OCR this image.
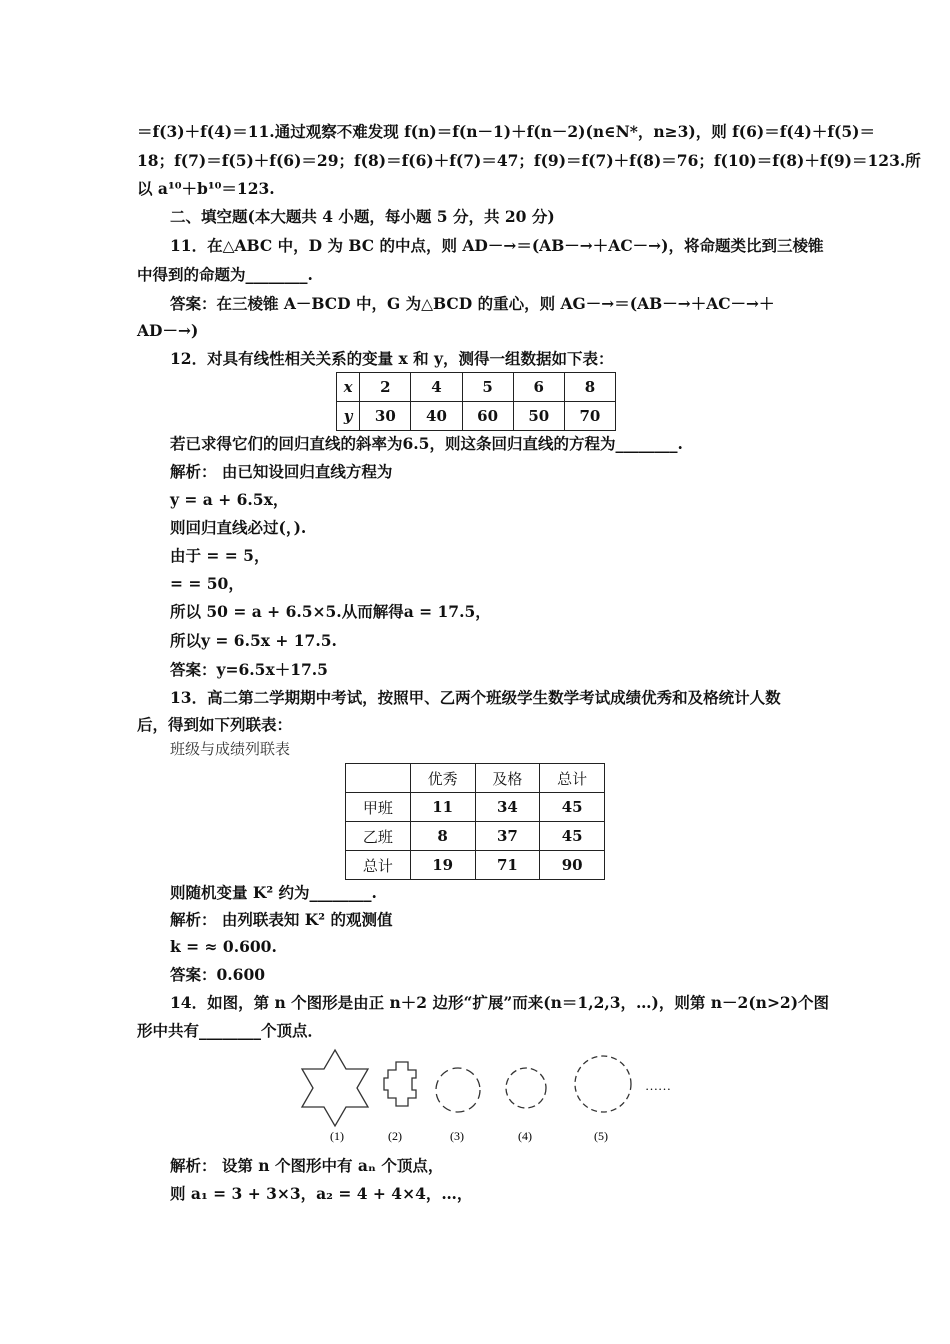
＝f(3)＋f(4)＝11.通过观察不难发现 f(n)＝f(n－1)＋f(n－2)(n∈N*，n≥3)，则 f(6)＝f(4)＋f(5)＝
18；f(7)＝f(5)＋f(6)＝29；f(8)＝f(6)＋f(7)＝47；f(9)＝f(7)＋f(8)＝76；f(10)＝f(8)＋f(9)＝123.所
以 a¹⁰＋b¹⁰＝123.
二、填空题(本大题共 4 小题，每小题 5 分，共 20 分)
11．在△ABC 中，D 为 BC 的中点，则 AD－→＝(AB－→＋AC－→)，将命题类比到三棱锥
中得到的命题为________.
答案：在三棱锥 A－BCD 中，G 为△BCD 的重心，则 AG－→＝(AB－→＋AC－→＋
AD－→)
12．对具有线性相关关系的变量 x 和 y，测得一组数据如下表：
x	2	4	5	6	8
y	30	40	60	50	70
若已求得它们的回归直线的斜率为6.5，则这条回归直线的方程为________.
解析： 由已知设回归直线方程为
y = a + 6.5x，
则回归直线必过(，).
由于 = = 5，
= = 50，
所以 50 = a + 6.5×5.从而解得a = 17.5，
所以y = 6.5x + 17.5.
答案：y=6.5x＋17.5
13．高二第二学期期中考试，按照甲、乙两个班级学生数学考试成绩优秀和及格统计人数
后，得到如下列联表：
班级与成绩列联表
	优秀	及格	总计
甲班	11	34	45
乙班	8	37	45
总计	19	71	90
则随机变量 K² 约为________.
解析： 由列联表知 K² 的观测值
k = ≈ 0.600.
答案：0.600
14．如图，第 n 个图形是由正 n＋2 边形“扩展”而来(n＝1,2,3，…)，则第 n－2(n>2)个图
形中共有________个顶点．
(1)	(2)	(3)	(4)	(5)
……
解析： 设第 n 个图形中有 aₙ 个顶点，
则 a₁ = 3 + 3×3，a₂ = 4 + 4×4，…，
